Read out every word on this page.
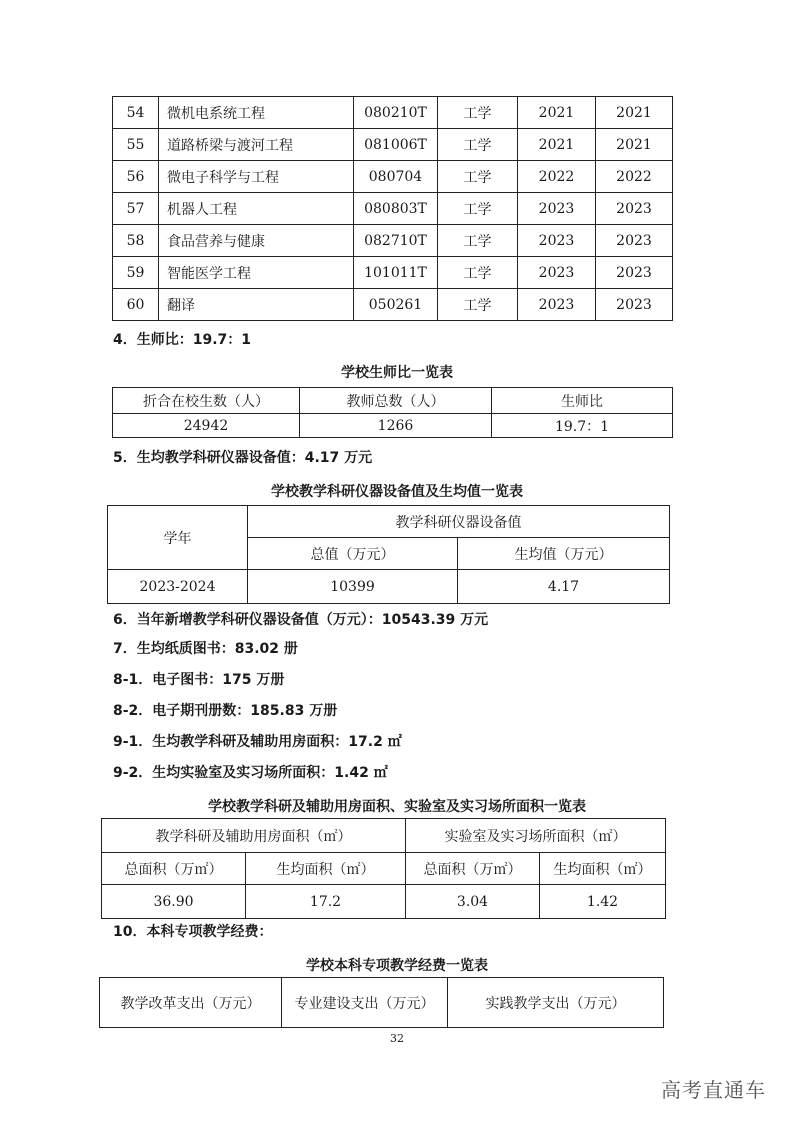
54	微机电系统工程	080210T	工学	2021	2021
55	道路桥梁与渡河工程	081006T	工学	2021	2021
56	微电子科学与工程	080704	工学	2022	2022
57	机器人工程	080803T	工学	2023	2023
58	食品营养与健康	082710T	工学	2023	2023
59	智能医学工程	101011T	工学	2023	2023
60	翻译	050261	工学	2023	2023
4．生师比：19.7：1
学校生师比一览表
折合在校生数（人）	教师总数（人）	生师比
24942	1266	19.7：1
5．生均教学科研仪器设备值：4.17 万元
学校教学科研仪器设备值及生均值一览表
学年	教学科研仪器设备值	
	总值（万元）	生均值（万元）
2023-2024	10399	4.17
6．当年新增教学科研仪器设备值（万元）：10543.39 万元
7．生均纸质图书：83.02 册
8-1．电子图书：175 万册
8-2．电子期刊册数：185.83 万册
9-1．生均教学科研及辅助用房面积：17.2 ㎡
9-2．生均实验室及实习场所面积：1.42 ㎡
学校教学科研及辅助用房面积、实验室及实习场所面积一览表
教学科研及辅助用房面积（㎡）		实验室及实习场所面积（㎡）	
总面积（万㎡）	生均面积（㎡）	总面积（万㎡）	生均面积（㎡）
36.90	17.2	3.04	1.42
10．本科专项教学经费：
学校本科专项教学经费一览表
教学改革支出（万元）	专业建设支出（万元）	实践教学支出（万元）
32
高考直通车
